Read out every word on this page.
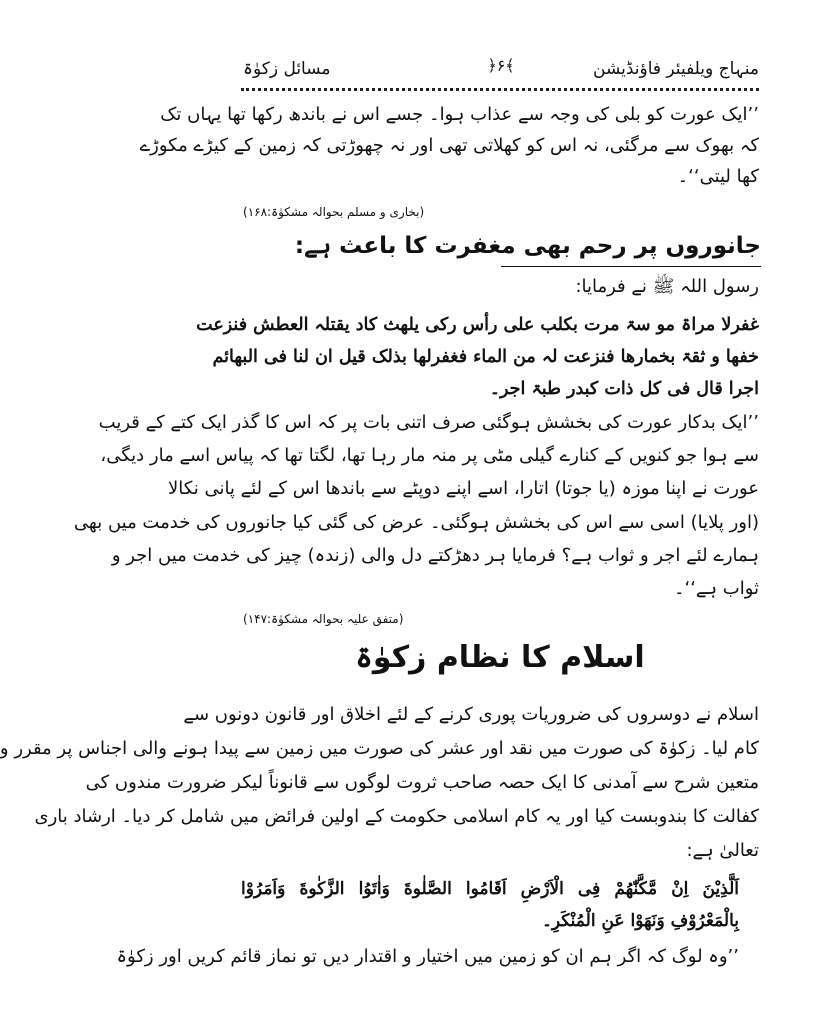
منہاج ویلفیئر فاؤنڈیشن
﴿۶﴾
مسائل زکوٰۃ
’’ایک عورت کو بلی کی وجہ سے عذاب ہوا۔ جسے اس نے باندھ رکھا تھا یہاں تک
کہ بھوک سے مرگئی، نہ اس کو کھلاتی تھی اور نہ چھوڑتی کہ زمین کے کیڑے مکوڑے
کھا لیتی‘‘۔
(بخاری و مسلم بحوالہ مشکوٰۃ:۱۶۸)
جانوروں پر رحم بھی مغفرت کا باعث ہے:
رسول اللہ ﷺ نے فرمایا:
غفرلا مراۃ مو سۃ مرت بکلب علی رأس رکی یلھث کاد یقتلہ العطش فنزعت
خفھا و ثقۃ بخمارھا فنزعت لہ من الماء فغفرلھا بذلک قیل ان لنا فی البھائم
اجرا قال فی کل ذات کبدر طبۃ اجر۔
’’ایک بدکار عورت کی بخشش ہوگئی صرف اتنی بات پر کہ اس کا گذر ایک کتے کے قریب
سے ہوا جو کنویں کے کنارے گیلی مٹی پر منہ مار رہا تھا، لگتا تھا کہ پیاس اسے مار دیگی،
عورت نے اپنا موزہ (یا جوتا) اتارا، اسے اپنے دوپٹے سے باندھا اس کے لئے پانی نکالا
(اور پلایا) اسی سے اس کی بخشش ہوگئی۔ عرض کی گئی کیا جانوروں کی خدمت میں بھی
ہمارے لئے اجر و ثواب ہے؟ فرمایا ہر دھڑکتے دل والی (زندہ) چیز کی خدمت میں اجر و
ثواب ہے‘‘۔
(متفق علیہ بحوالہ مشکوٰۃ:۱۴۷)
اسلام کا نظام زکوٰۃ
اسلام نے دوسروں کی ضروریات پوری کرنے کے لئے اخلاق اور قانون دونوں سے
کام لیا۔ زکوٰۃ کی صورت میں نقد اور عشر کی صورت میں زمین سے پیدا ہونے والی اجناس پر مقرر و
متعین شرح سے آمدنی کا ایک حصہ صاحب ثروت لوگوں سے قانوناً لیکر ضرورت مندوں کی
کفالت کا بندوبست کیا اور یہ کام اسلامی حکومت کے اولین فرائض میں شامل کر دیا۔ ارشاد باری
تعالیٰ ہے:
اَلَّذِیْنَ اِنْ مَّکَّنّٰهُمْ فِی الْاَرْضِ اَقَامُوا الصَّلٰوةَ وَاٰتَوُا الزَّكٰوةَ وَاَمَرُوْا
بِالْمَعْرُوْفِ وَنَهَوْا عَنِ الْمُنْكَرِ۔
’’وہ لوگ کہ اگر ہم ان کو زمین میں اختیار و اقتدار دیں تو نماز قائم کریں اور زکوٰۃ
